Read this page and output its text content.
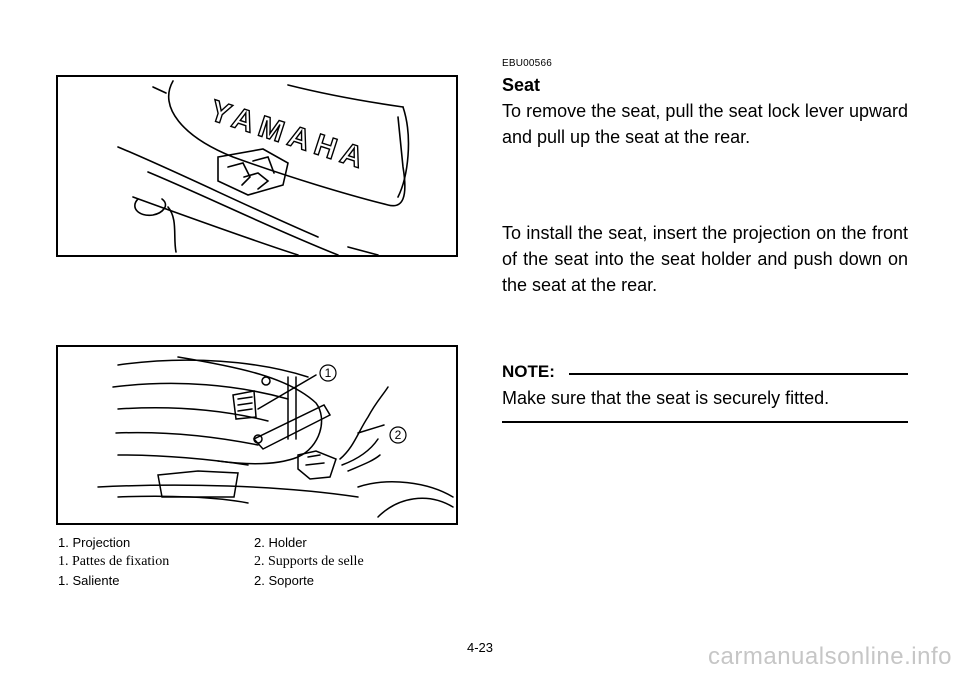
YAMAHA
1
2
1. Projection	2. Holder
1. Pattes de fixation	2. Supports de selle
1. Saliente	2. Soporte

EBU00566

Seat

To remove the seat, pull the seat lock lever upward and pull up the seat at the rear.

To install the seat, insert the projection on the front of the seat into the seat holder and push down on the seat at the rear.

NOTE:
Make sure that the seat is securely fitted.
4-23	carmanualsonline.info
